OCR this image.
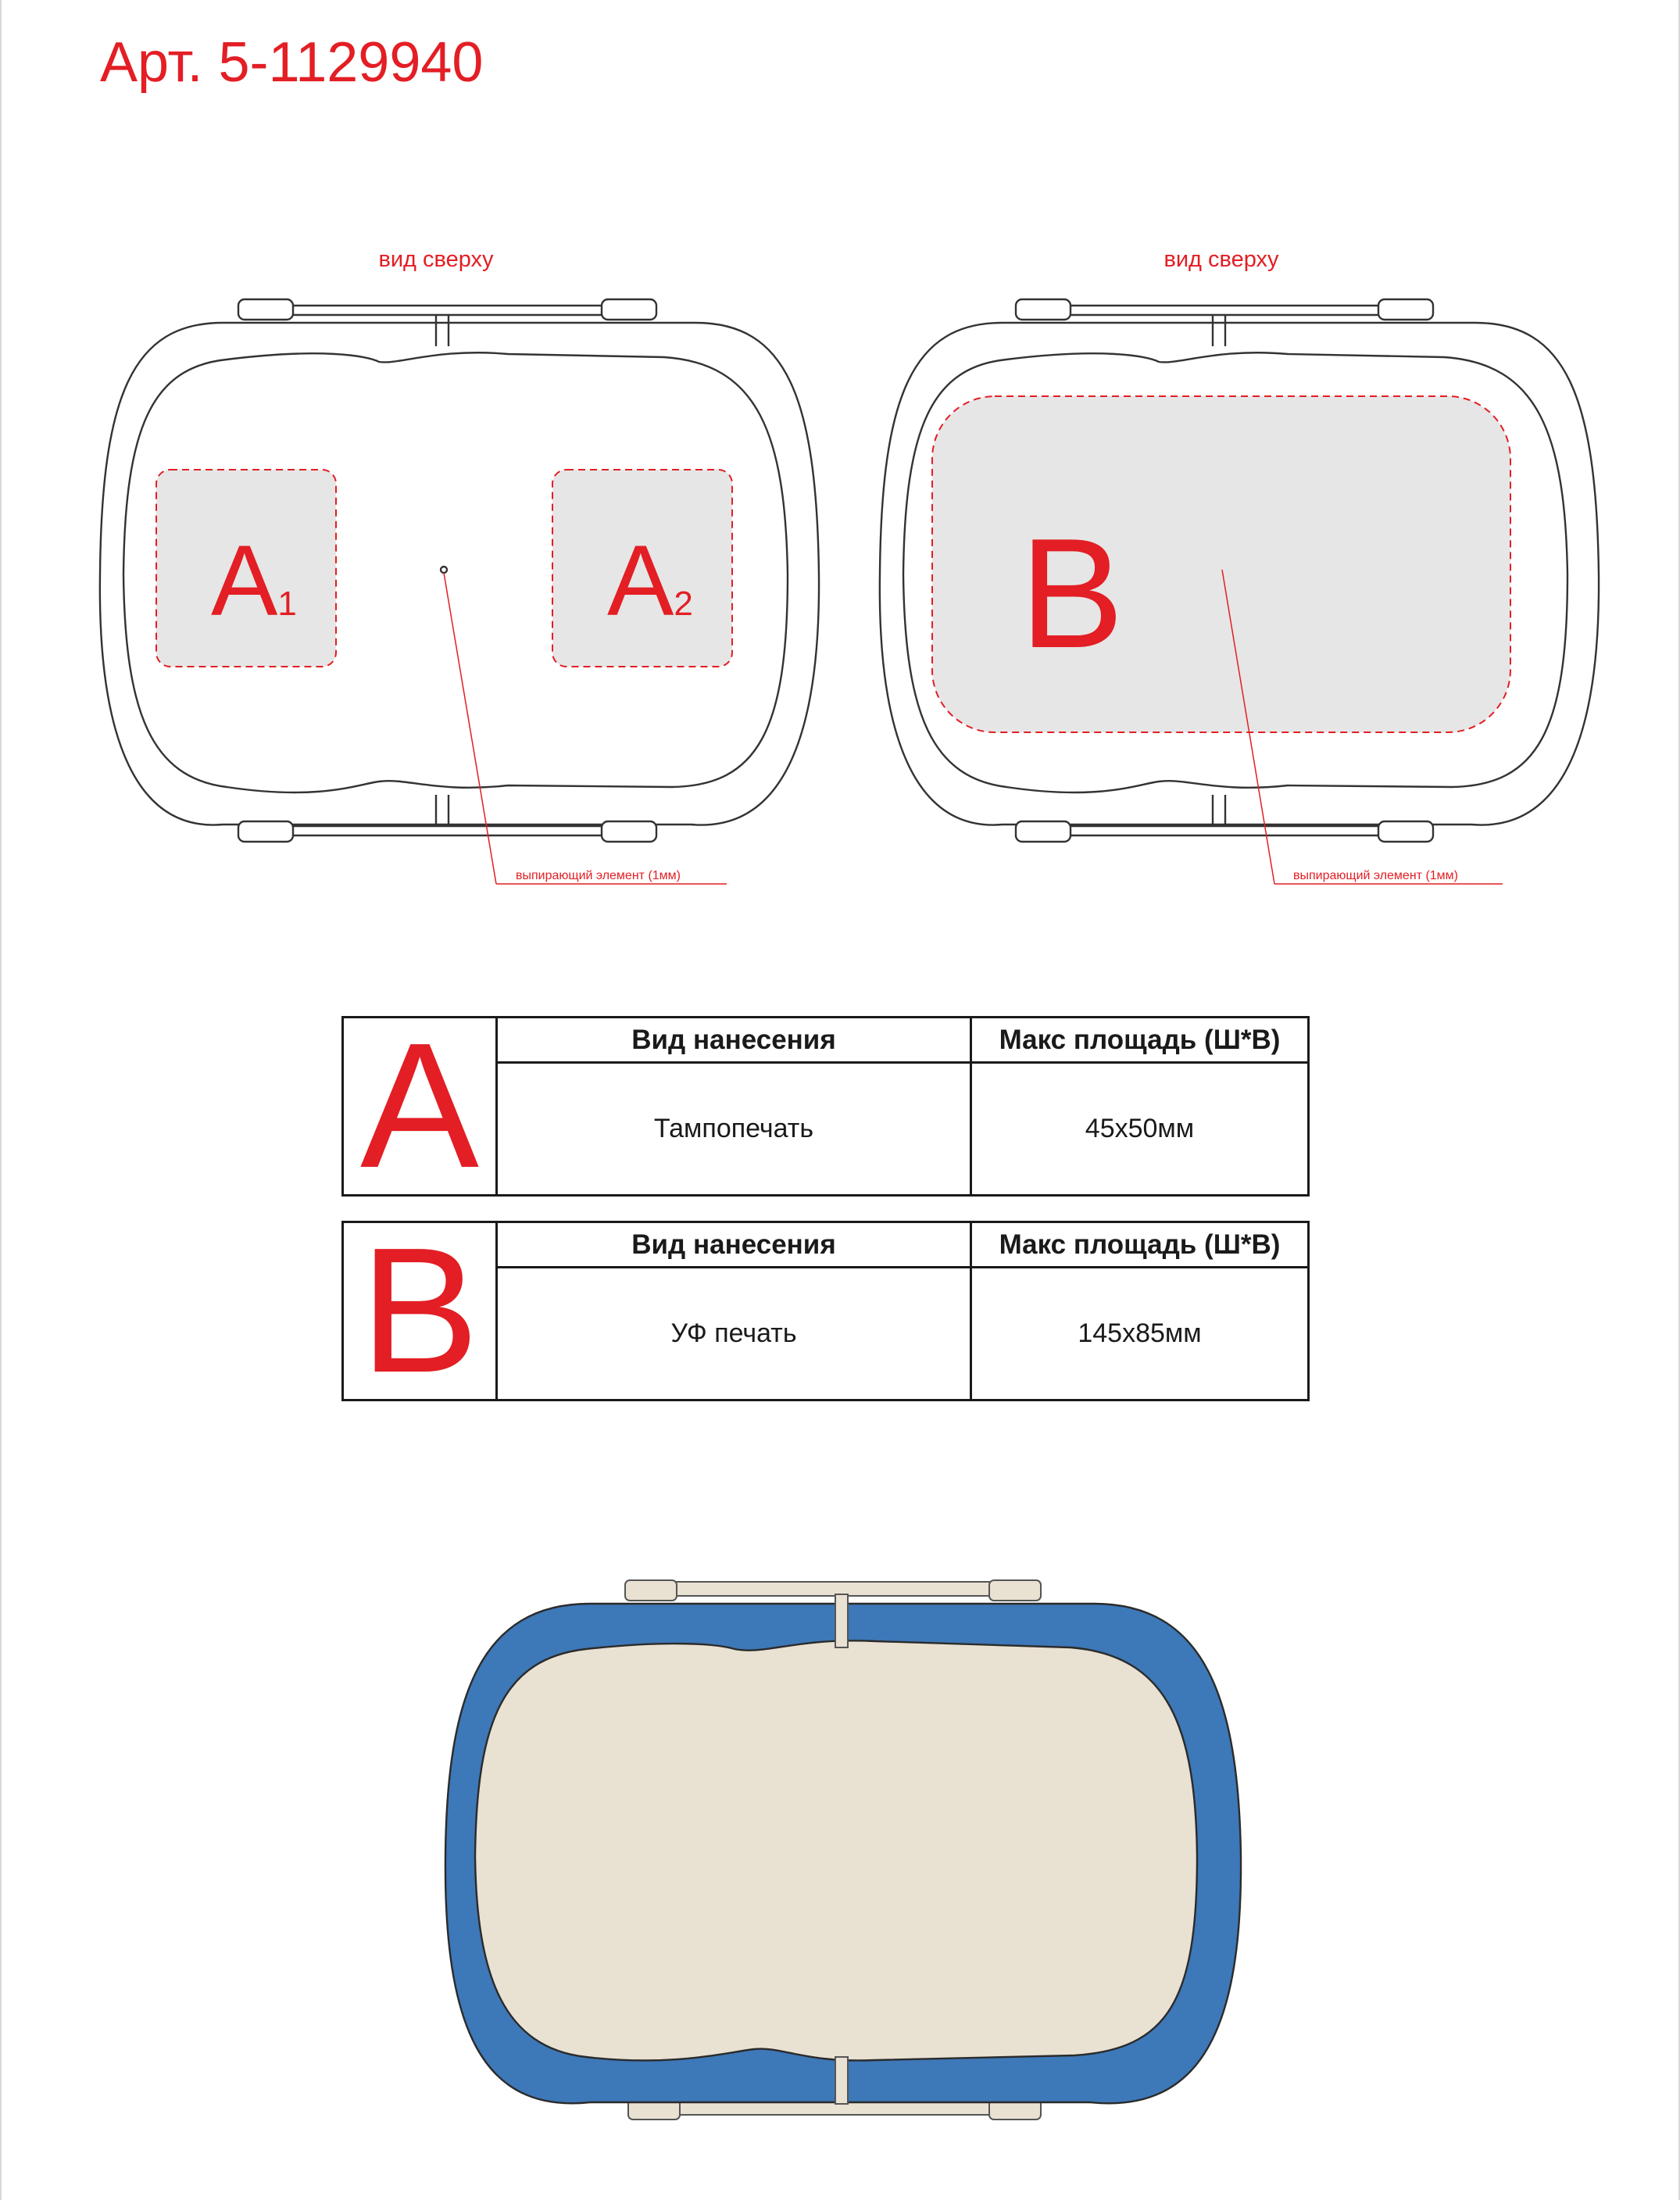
Арт. 5-1129940
вид сверху
A1	A2
выпирающий элемент (1мм)
вид сверху
B
выпирающий элемент (1мм)
A	Вид нанесения	Макс площадь (Ш*В)
Тампопечать	45x50мм
B	Вид нанесения	Макс площадь (Ш*В)
УФ печать	145x85мм
